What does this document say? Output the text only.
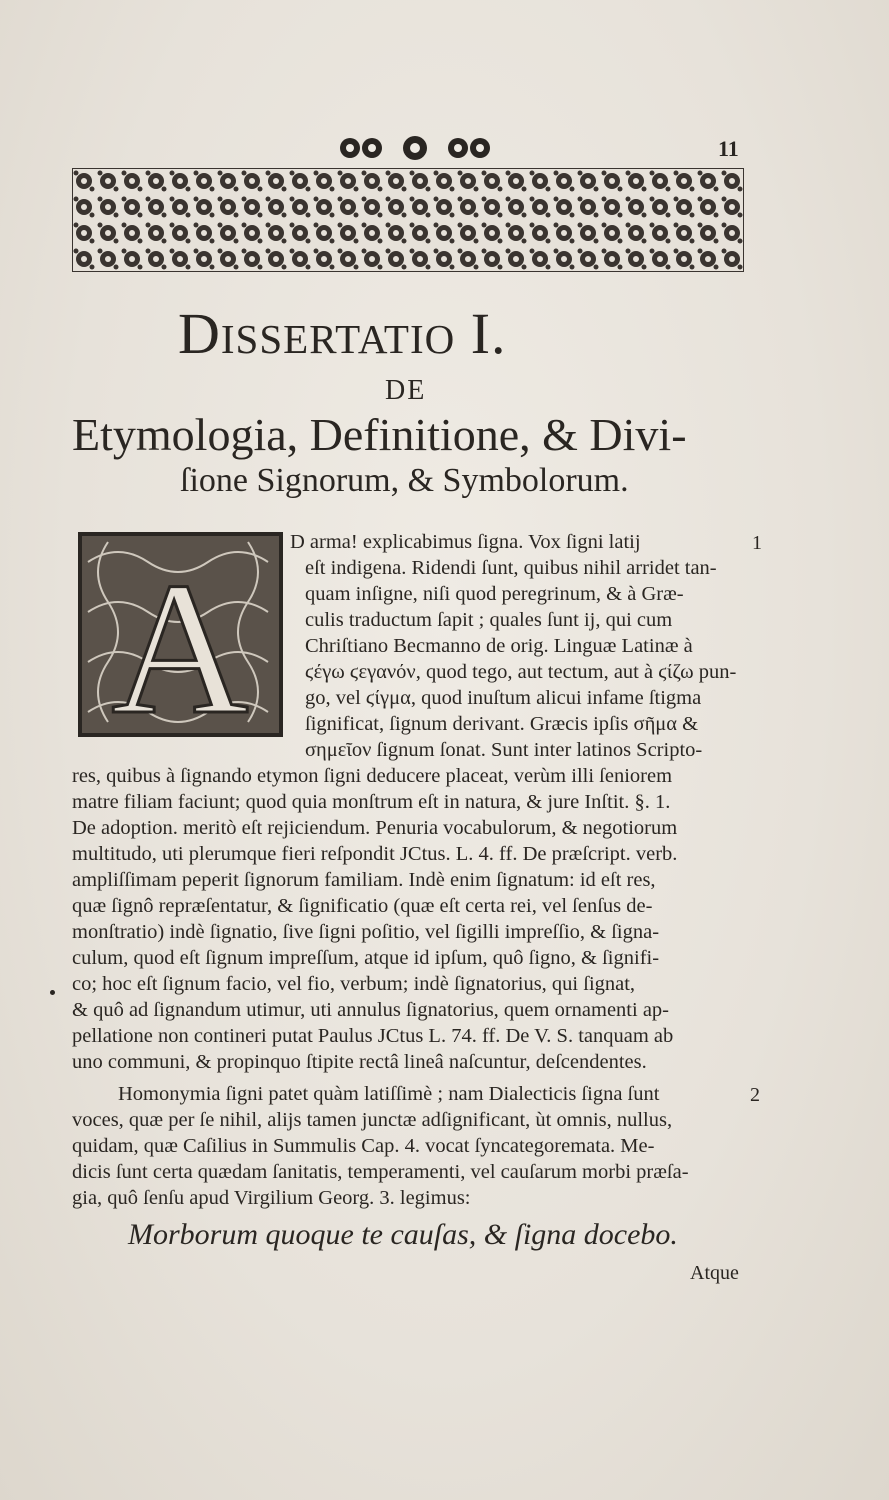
11
Dissertatio I.
DE
Etymologia, Definitione, & Divi-
ſione Signorum, & Symbolorum.
A
D arma! explicabimus ſigna. Vox ſigni latij
eſt indigena. Ridendi ſunt, quibus nihil arridet tan-
quam inſigne, niſi quod peregrinum, & à Græ-
culis traductum ſapit ; quales ſunt ij, qui cum
Chriſtiano Becmanno de orig. Linguæ Latinæ à
ϛέγω ϛεγανόν, quod tego, aut tectum, aut à ϛίζω pun-
go, vel ϛίγμα, quod inuſtum alicui infame ſtigma
ſignificat, ſignum derivant. Græcis ipſis σῆμα &
σημεῖον ſignum ſonat. Sunt inter latinos Scripto-
res, quibus à ſignando etymon ſigni deducere placeat, verùm illi ſeniorem
matre filiam faciunt; quod quia monſtrum eſt in natura, & jure Inſtit. §. 1.
De adoption. meritò eſt rejiciendum. Penuria vocabulorum, & negotiorum
multitudo, uti plerumque fieri reſpondit JCtus. L. 4. ff. De præſcript. verb.
ampliſſimam peperit ſignorum familiam. Indè enim ſignatum: id eſt res,
quæ ſignô repræſentatur, & ſignificatio (quæ eſt certa rei, vel ſenſus de-
monſtratio) indè ſignatio, ſive ſigni poſitio, vel ſigilli impreſſio, & ſigna-
culum, quod eſt ſignum impreſſum, atque id ipſum, quô ſigno, & ſignifi-
co; hoc eſt ſignum facio, vel fio, verbum; indè ſignatorius, qui ſignat,
& quô ad ſignandum utimur, uti annulus ſignatorius, quem ornamenti ap-
pellatione non contineri putat Paulus JCtus L. 74. ff. De V. S. tanquam ab
uno communi, & propinquo ſtipite rectâ lineâ naſcuntur, deſcendentes.
Homonymia ſigni patet quàm latiſſimè ; nam Dialecticis ſigna ſunt
voces, quæ per ſe nihil, alijs tamen junctæ adſignificant, ùt omnis, nullus,
quidam, quæ Caſilius in Summulis Cap. 4. vocat ſyncategoremata. Me-
dicis ſunt certa quædam ſanitatis, temperamenti, vel cauſarum morbi præſa-
gia, quô ſenſu apud Virgilium Georg. 3. legimus:
Morborum quoque te cauſas, & ſigna docebo.
Atque
1
2
